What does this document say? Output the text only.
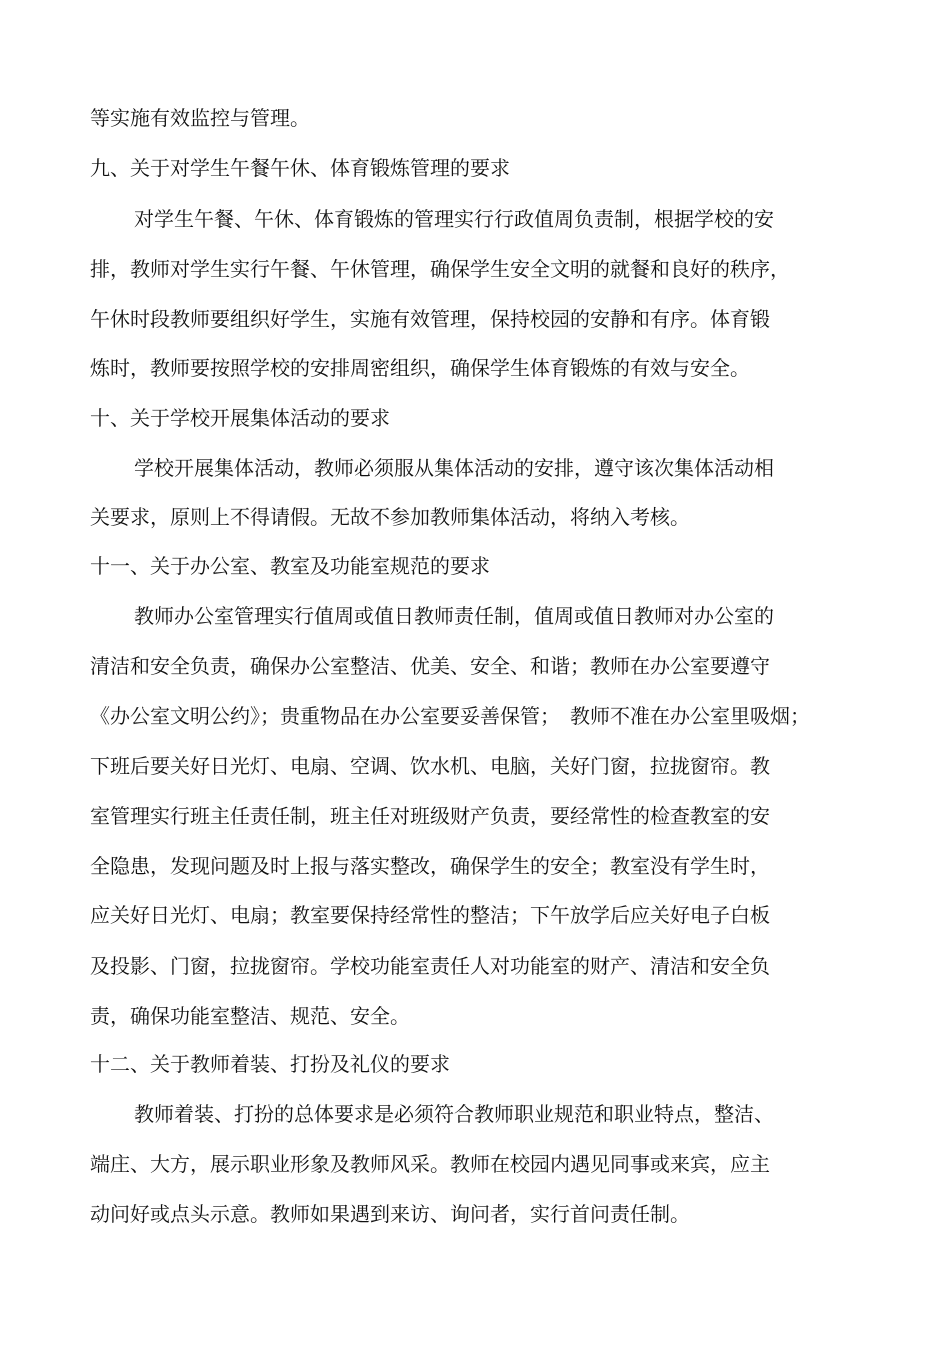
等实施有效监控与管理。
九、关于对学生午餐午休、体育锻炼管理的要求
对学生午餐、午休、体育锻炼的管理实行行政值周负责制，根据学校的安
排，教师对学生实行午餐、午休管理，确保学生安全文明的就餐和良好的秩序，
午休时段教师要组织好学生，实施有效管理，保持校园的安静和有序。体育锻
炼时，教师要按照学校的安排周密组织，确保学生体育锻炼的有效与安全。
十、关于学校开展集体活动的要求
学校开展集体活动，教师必须服从集体活动的安排，遵守该次集体活动相
关要求，原则上不得请假。无故不参加教师集体活动，将纳入考核。
十一、关于办公室、教室及功能室规范的要求
教师办公室管理实行值周或值日教师责任制，值周或值日教师对办公室的
清洁和安全负责，确保办公室整洁、优美、安全、和谐；教师在办公室要遵守
《办公室文明公约》；贵重物品在办公室要妥善保管；　教师不准在办公室里吸烟；
下班后要关好日光灯、电扇、空调、饮水机、电脑，关好门窗，拉拢窗帘。教
室管理实行班主任责任制，班主任对班级财产负责，要经常性的检查教室的安
全隐患，发现问题及时上报与落实整改，确保学生的安全；教室没有学生时，
应关好日光灯、电扇；教室要保持经常性的整洁；下午放学后应关好电子白板
及投影、门窗，拉拢窗帘。学校功能室责任人对功能室的财产、清洁和安全负
责，确保功能室整洁、规范、安全。
十二、关于教师着装、打扮及礼仪的要求
教师着装、打扮的总体要求是必须符合教师职业规范和职业特点，整洁、
端庄、大方，展示职业形象及教师风采。教师在校园内遇见同事或来宾，应主
动问好或点头示意。教师如果遇到来访、询问者，实行首问责任制。
